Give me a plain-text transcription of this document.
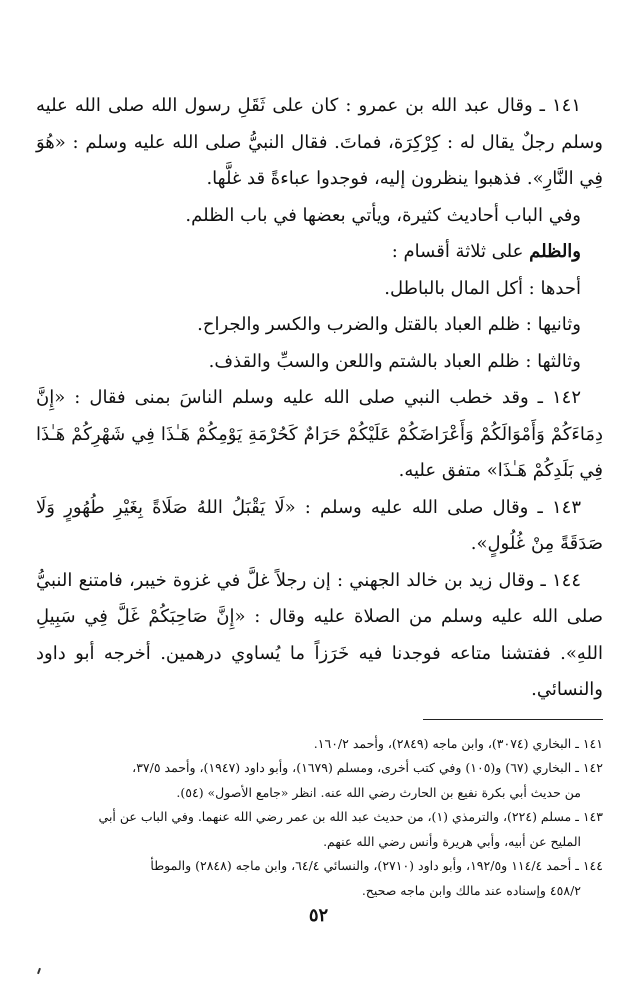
١٤١ ـ وقال عبد الله بن عمرو : كان على ثَقَلِ رسول الله صلى الله عليه وسلم رجلٌ يقال له : كِرْكِرَة، فماتَ. فقال النبيُّ صلى الله عليه وسلم : «هُوَ فِي النَّارِ». فذهبوا ينظرون إليه، فوجدوا عباءةً قد غلَّها.

وفي الباب أحاديث كثيرة، ويأتي بعضها في باب الظلم.

والظلم على ثلاثة أقسام :

أحدها : أكل المال بالباطل.

وثانيها : ظلم العباد بالقتل والضرب والكسر والجراح.

وثالثها : ظلم العباد بالشتم واللعن والسبِّ والقذف.

١٤٢ ـ وقد خطب النبي صلى الله عليه وسلم الناسَ بمنى فقال : «إِنَّ دِمَاءَكُمْ وَأَمْوَالَكُمْ وَأَعْرَاضَكُمْ عَلَيْكُمْ حَرَامٌ كَحُرْمَةِ يَوْمِكُمْ هَـٰذَا فِي شَهْرِكُمْ هَـٰذَا فِي بَلَدِكُمْ هَـٰذَا» متفق عليه.

١٤٣ ـ وقال صلى الله عليه وسلم : «لَا يَقْبَلُ اللهُ صَلَاةً بِغَيْرِ طُهُورٍ وَلَا صَدَقَةً مِنْ غُلُولٍ».

١٤٤ ـ وقال زيد بن خالد الجهني : إن رجلاً غلَّ في غزوة خيبر، فامتنع النبيُّ صلى الله عليه وسلم من الصلاة عليه وقال : «إِنَّ صَاحِبَكُمْ غَلَّ فِي سَبِيلِ اللهِ». ففتشنا متاعه فوجدنا فيه خَرَزاً ما يُساوي درهمين. أخرجه أبو داود والنسائي.

١٤١ ـ البخاري (٣٠٧٤)، وابن ماجه (٢٨٤٩)، وأحمد ١٦٠/٢.

١٤٢ ـ البخاري (٦٧) و(١٠٥) وفي كتب أخرى، ومسلم (١٦٧٩)، وأبو داود (١٩٤٧)، وأحمد ٣٧/٥،

من حديث أبي بكرة نفيع بن الحارث رضي الله عنه. انظر «جامع الأصول» (٥٤).

١٤٣ ـ مسلم (٢٢٤)، والترمذي (١)، من حديث عبد الله بن عمر رضي الله عنهما. وفي الباب عن أبي

المليح عن أبيه، وأبي هريرة وأنس رضي الله عنهم.

١٤٤ ـ أحمد ١١٤/٤ و١٩٢/٥، وأبو داود (٢٧١٠)، والنسائي ٦٤/٤، وابن ماجه (٢٨٤٨) والموطأ

٤٥٨/٢ وإسناده عند مالك وابن ماجه صحيح.

٥٢
